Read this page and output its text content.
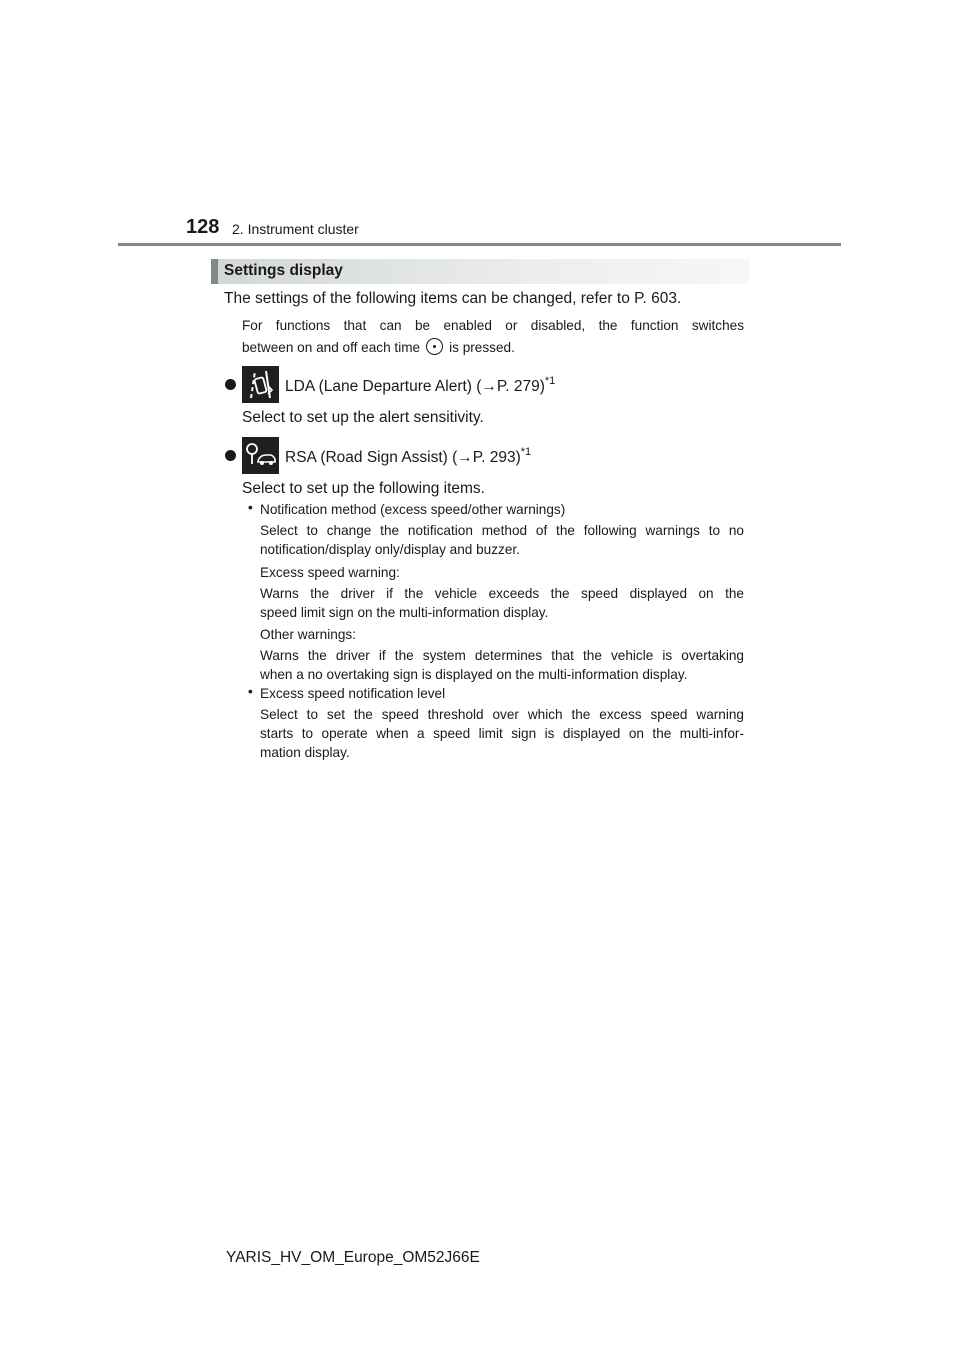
128 2. Instrument cluster
Settings display
The settings of the following items can be changed, refer to P. 603.
For functions that can be enabled or disabled, the function switches
between on and off each time is pressed.
LDA (Lane Departure Alert) (→P. 279)$^{*1}$
Select to set up the alert sensitivity.
RSA (Road Sign Assist) (→P. 293)$^{*1}$
Select to set up the following items.
• Notification method (excess speed/other warnings)
Select to change the notification method of the following warnings to no
notification/display only/display and buzzer.
Excess speed warning:
Warns the driver if the vehicle exceeds the speed displayed on the
speed limit sign on the multi-information display.
Other warnings:
Warns the driver if the system determines that the vehicle is overtaking
when a no overtaking sign is displayed on the multi-information display.
• Excess speed notification level
Select to set the speed threshold over which the excess speed warning
starts to operate when a speed limit sign is displayed on the multi-infor-
mation display.
YARIS_HV_OM_Europe_OM52J66E
